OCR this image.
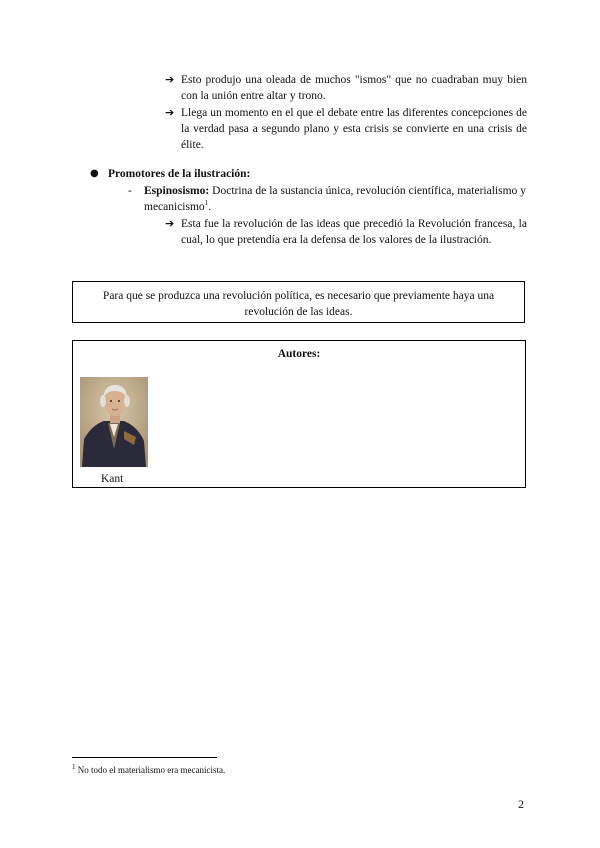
➔ Esto produjo una oleada de muchos "ismos" que no cuadraban muy bien con la unión entre altar y trono.
➔ Llega un momento en el que el debate entre las diferentes concepciones de la verdad pasa a segundo plano y esta crisis se convierte en una crisis de élite.
● Promotores de la ilustración:
-	Espinosismo: Doctrina de la sustancia única, revolución científica, materialismo y mecanicismo$^1$.
➔ Esta fue la revolución de las ideas que precedió la Revolución francesa, la cual, lo que pretendía era la defensa de los valores de la ilustración.
Para que se produzca una revolución política, es necesario que previamente haya una revolución de las ideas.
Autores:
Kant
$^1$ No todo el materialismo era mecanicista.
2
